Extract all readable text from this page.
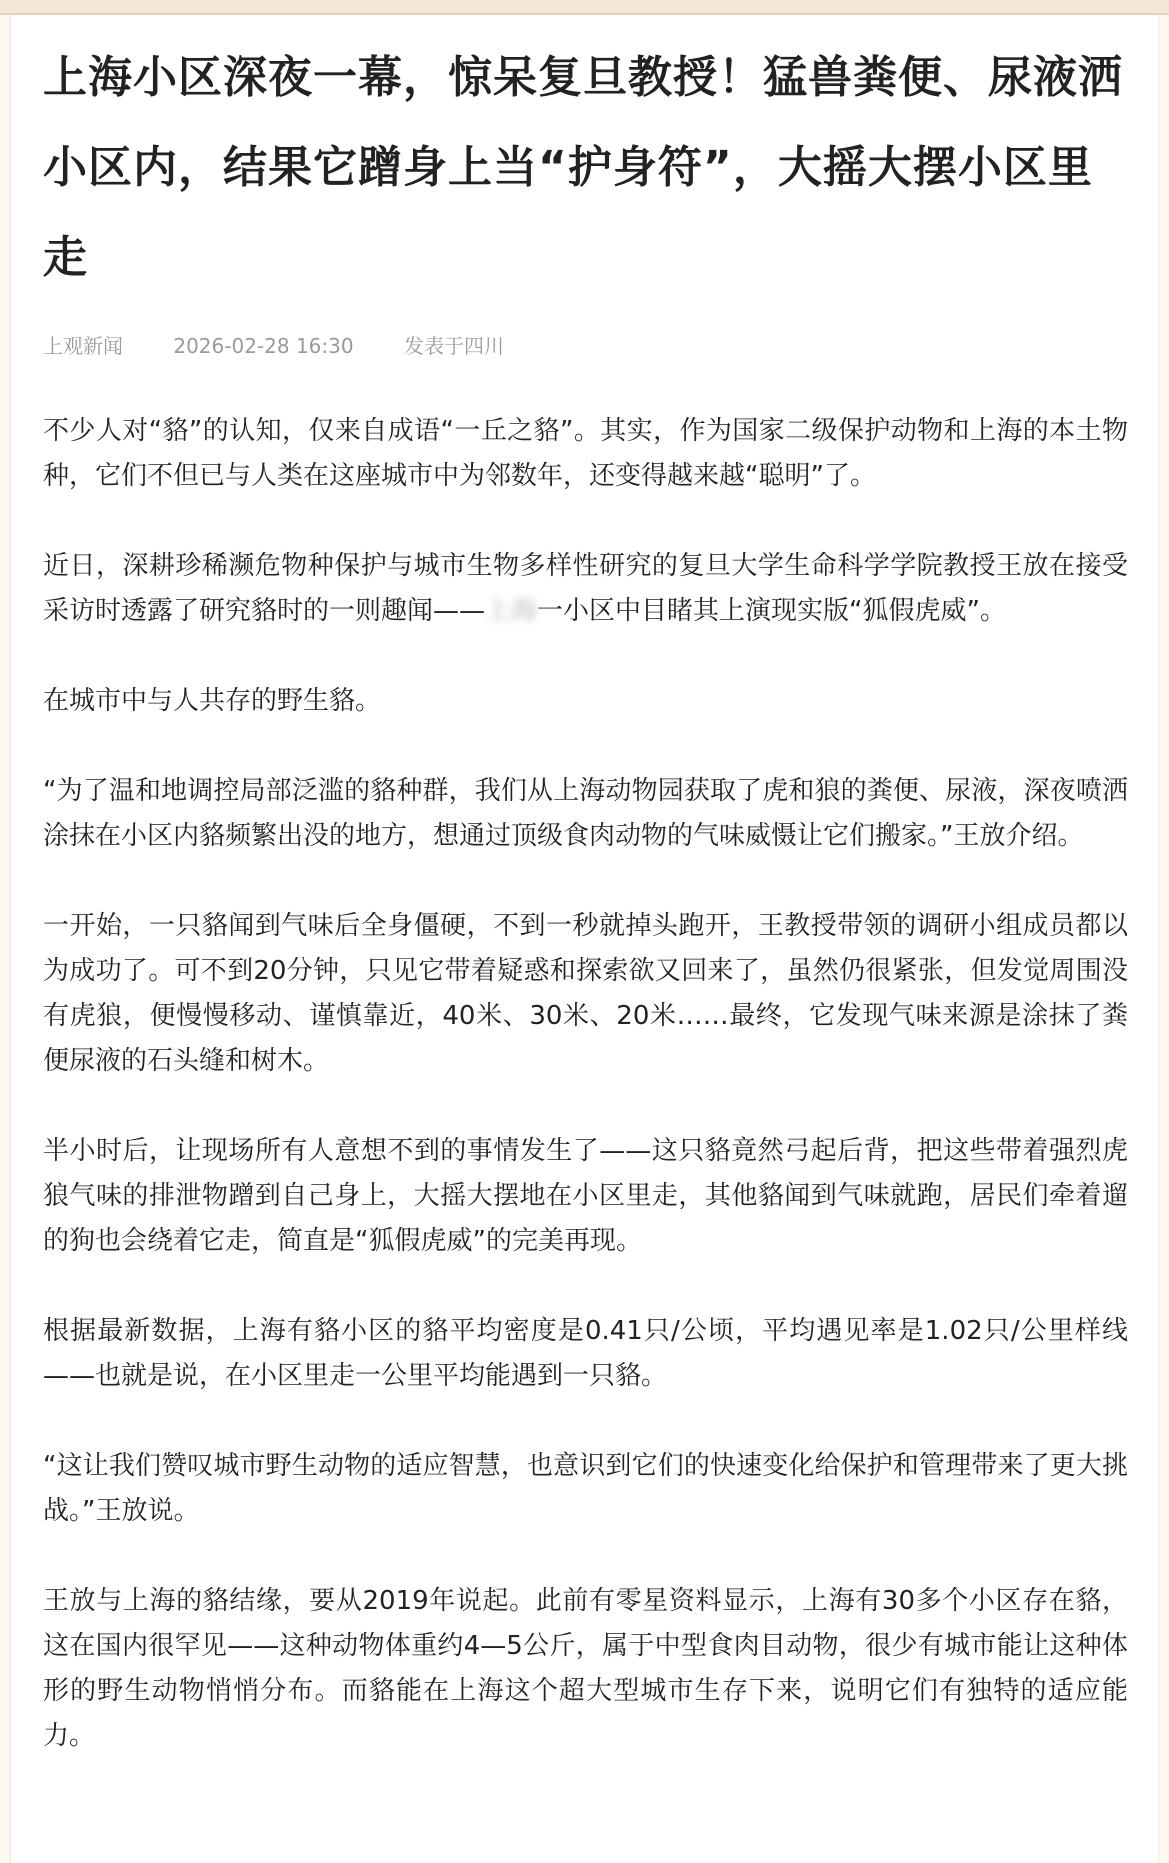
上海小区深夜一幕，惊呆复旦教授！猛兽粪便、尿液洒小区内，结果它蹭身上当“护身符”，大摇大摆小区里走
上观新闻	2026-02-28 16:30	发表于四川

不少人对“貉”的认知，仅来自成语“一丘之貉”。其实，作为国家二级保护动物和上海的本土物种，它们不但已与人类在这座城市中为邻数年，还变得越来越“聪明”了。

近日，深耕珍稀濒危物种保护与城市生物多样性研究的复旦大学生命科学学院教授王放在接受采访时透露了研究貉时的一则趣闻——上海一小区中目睹其上演现实版“狐假虎威”。

在城市中与人共存的野生貉。

“为了温和地调控局部泛滥的貉种群，我们从上海动物园获取了虎和狼的粪便、尿液，深夜喷洒涂抹在小区内貉频繁出没的地方，想通过顶级食肉动物的气味威慑让它们搬家。”王放介绍。

一开始，一只貉闻到气味后全身僵硬，不到一秒就掉头跑开，王教授带领的调研小组成员都以为成功了。可不到20分钟，只见它带着疑惑和探索欲又回来了，虽然仍很紧张，但发觉周围没有虎狼，便慢慢移动、谨慎靠近，40米、30米、20米……最终，它发现气味来源是涂抹了粪便尿液的石头缝和树木。

半小时后，让现场所有人意想不到的事情发生了——这只貉竟然弓起后背，把这些带着强烈虎狼气味的排泄物蹭到自己身上，大摇大摆地在小区里走，其他貉闻到气味就跑，居民们牵着遛的狗也会绕着它走，简直是“狐假虎威”的完美再现。

根据最新数据，上海有貉小区的貉平均密度是0.41只/公顷，平均遇见率是1.02只/公里样线——也就是说，在小区里走一公里平均能遇到一只貉。

“这让我们赞叹城市野生动物的适应智慧，也意识到它们的快速变化给保护和管理带来了更大挑战。”王放说。

王放与上海的貉结缘，要从2019年说起。此前有零星资料显示，上海有30多个小区存在貉，这在国内很罕见——这种动物体重约4—5公斤，属于中型食肉目动物，很少有城市能让这种体形的野生动物悄悄分布。而貉能在上海这个超大型城市生存下来，说明它们有独特的适应能力。
